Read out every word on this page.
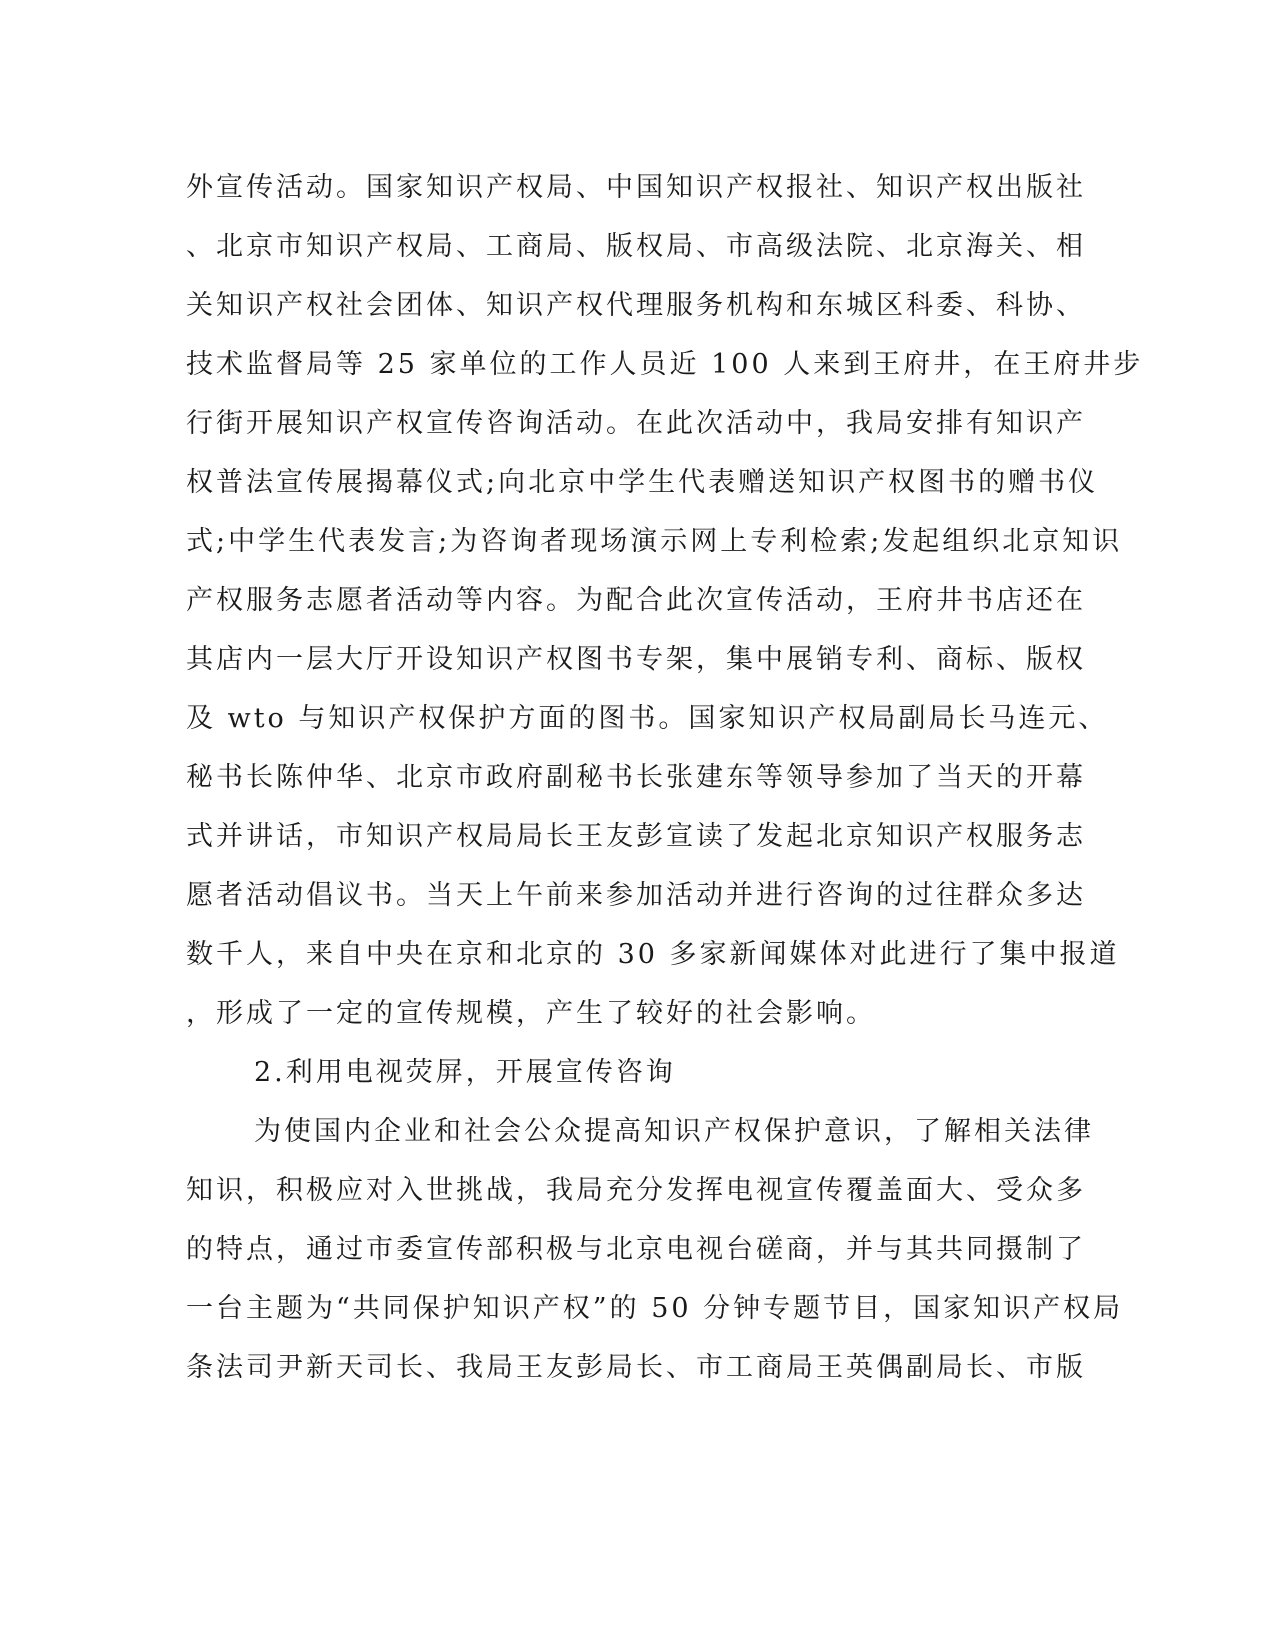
外宣传活动。国家知识产权局、中国知识产权报社、知识产权出版社
、北京市知识产权局、工商局、版权局、市高级法院、北京海关、相
关知识产权社会团体、知识产权代理服务机构和东城区科委、科协、
技术监督局等 25 家单位的工作人员近 100 人来到王府井，在王府井步
行街开展知识产权宣传咨询活动。在此次活动中，我局安排有知识产
权普法宣传展揭幕仪式;向北京中学生代表赠送知识产权图书的赠书仪
式;中学生代表发言;为咨询者现场演示网上专利检索;发起组织北京知识
产权服务志愿者活动等内容。为配合此次宣传活动，王府井书店还在
其店内一层大厅开设知识产权图书专架，集中展销专利、商标、版权
及 wto 与知识产权保护方面的图书。国家知识产权局副局长马连元、
秘书长陈仲华、北京市政府副秘书长张建东等领导参加了当天的开幕
式并讲话，市知识产权局局长王友彭宣读了发起北京知识产权服务志
愿者活动倡议书。当天上午前来参加活动并进行咨询的过往群众多达
数千人，来自中央在京和北京的 30 多家新闻媒体对此进行了集中报道
，形成了一定的宣传规模，产生了较好的社会影响。
2.利用电视荧屏，开展宣传咨询
为使国内企业和社会公众提高知识产权保护意识，了解相关法律
知识，积极应对入世挑战，我局充分发挥电视宣传覆盖面大、受众多
的特点，通过市委宣传部积极与北京电视台磋商，并与其共同摄制了
一台主题为“共同保护知识产权”的 50 分钟专题节目，国家知识产权局
条法司尹新天司长、我局王友彭局长、市工商局王英偶副局长、市版
